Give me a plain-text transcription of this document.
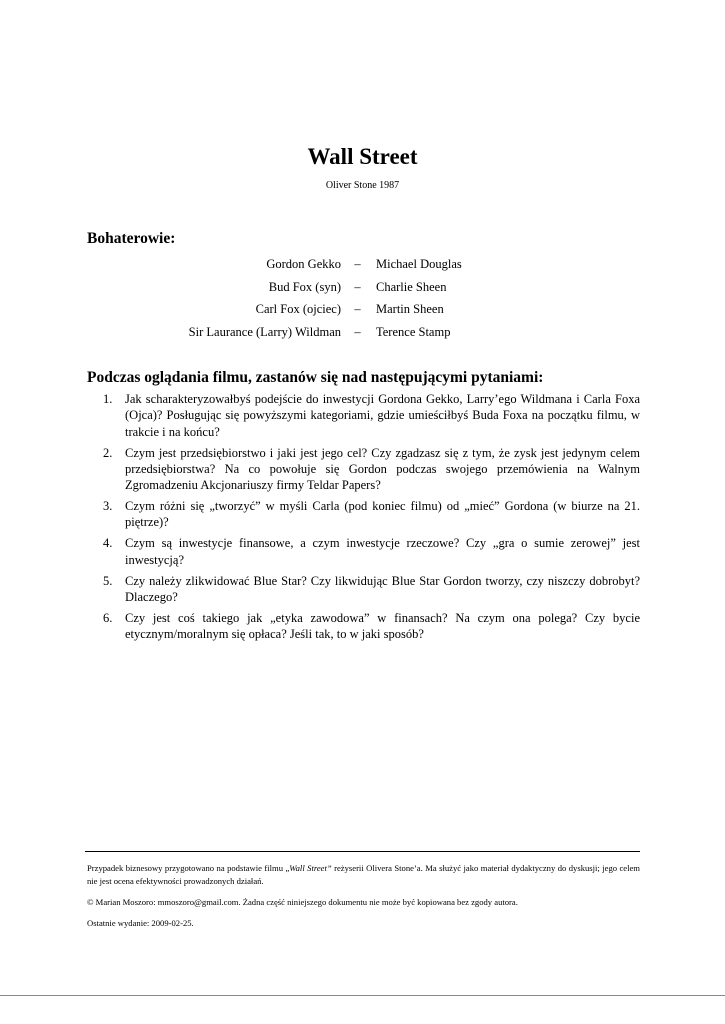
Wall Street
Oliver Stone 1987
Bohaterowie:
Gordon Gekko	–	Michael Douglas
Bud Fox (syn)	–	Charlie Sheen
Carl Fox (ojciec)	–	Martin Sheen
Sir Laurance (Larry) Wildman	–	Terence Stamp
Podczas oglądania filmu, zastanów się nad następującymi pytaniami:
1. Jak scharakteryzowałbyś podejście do inwestycji Gordona Gekko, Larry’ego Wildmana i Carla Foxa (Ojca)? Posługując się powyższymi kategoriami, gdzie umieściłbyś Buda Foxa na początku filmu, w trakcie i na końcu?
2. Czym jest przedsiębiorstwo i jaki jest jego cel? Czy zgadzasz się z tym, że zysk jest jedynym celem przedsiębiorstwa? Na co powołuje się Gordon podczas swojego przemówienia na Walnym Zgromadzeniu Akcjonariuszy firmy Teldar Papers?
3. Czym różni się „tworzyć” w myśli Carla (pod koniec filmu) od „mieć” Gordona (w biurze na 21. piętrze)?
4. Czym są inwestycje finansowe, a czym inwestycje rzeczowe? Czy „gra o sumie zerowej” jest inwestycją?
5. Czy należy zlikwidować Blue Star? Czy likwidując Blue Star Gordon tworzy, czy niszczy dobrobyt? Dlaczego?
6. Czy jest coś takiego jak „etyka zawodowa” w finansach? Na czym ona polega? Czy bycie etycznym/moralnym się opłaca? Jeśli tak, to w jaki sposób?

Przypadek biznesowy przygotowano na podstawie filmu „Wall Street” reżyserii Olivera Stone’a. Ma służyć jako materiał dydaktyczny do dyskusji; jego celem nie jest ocena efektywności prowadzonych działań.

© Marian Moszoro: mmoszoro@gmail.com. Żadna część niniejszego dokumentu nie może być kopiowana bez zgody autora.

Ostatnie wydanie: 2009-02-25.
